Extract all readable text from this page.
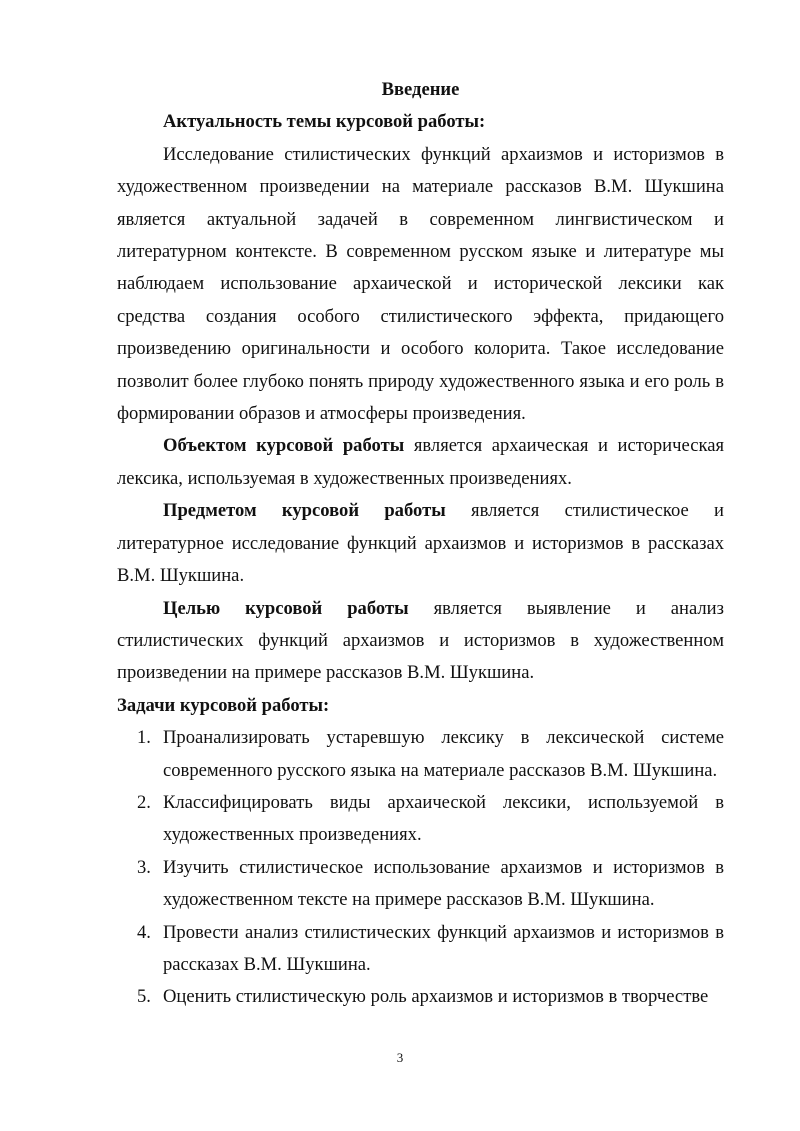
Введение

Актуальность темы курсовой работы:

Исследование стилистических функций архаизмов и историзмов в художественном произведении на материале рассказов В.М. Шукшина является актуальной задачей в современном лингвистическом и литературном контексте. В современном русском языке и литературе мы наблюдаем использование архаической и исторической лексики как средства создания особого стилистического эффекта, придающего произведению оригинальности и особого колорита. Такое исследование позволит более глубоко понять природу художественного языка и его роль в формировании образов и атмосферы произведения.

Объектом курсовой работы является архаическая и историческая лексика, используемая в художественных произведениях.

Предметом курсовой работы является стилистическое и литературное исследование функций архаизмов и историзмов в рассказах В.М. Шукшина.

Целью курсовой работы является выявление и анализ стилистических функций архаизмов и историзмов в художественном произведении на примере рассказов В.М. Шукшина.

Задачи курсовой работы:

1. Проанализировать устаревшую лексику в лексической системе современного русского языка на материале рассказов В.М. Шукшина.
2. Классифицировать виды архаической лексики, используемой в художественных произведениях.
3. Изучить стилистическое использование архаизмов и историзмов в художественном тексте на примере рассказов В.М. Шукшина.
4. Провести анализ стилистических функций архаизмов и историзмов в рассказах В.М. Шукшина.
5. Оценить стилистическую роль архаизмов и историзмов в творчестве
3
